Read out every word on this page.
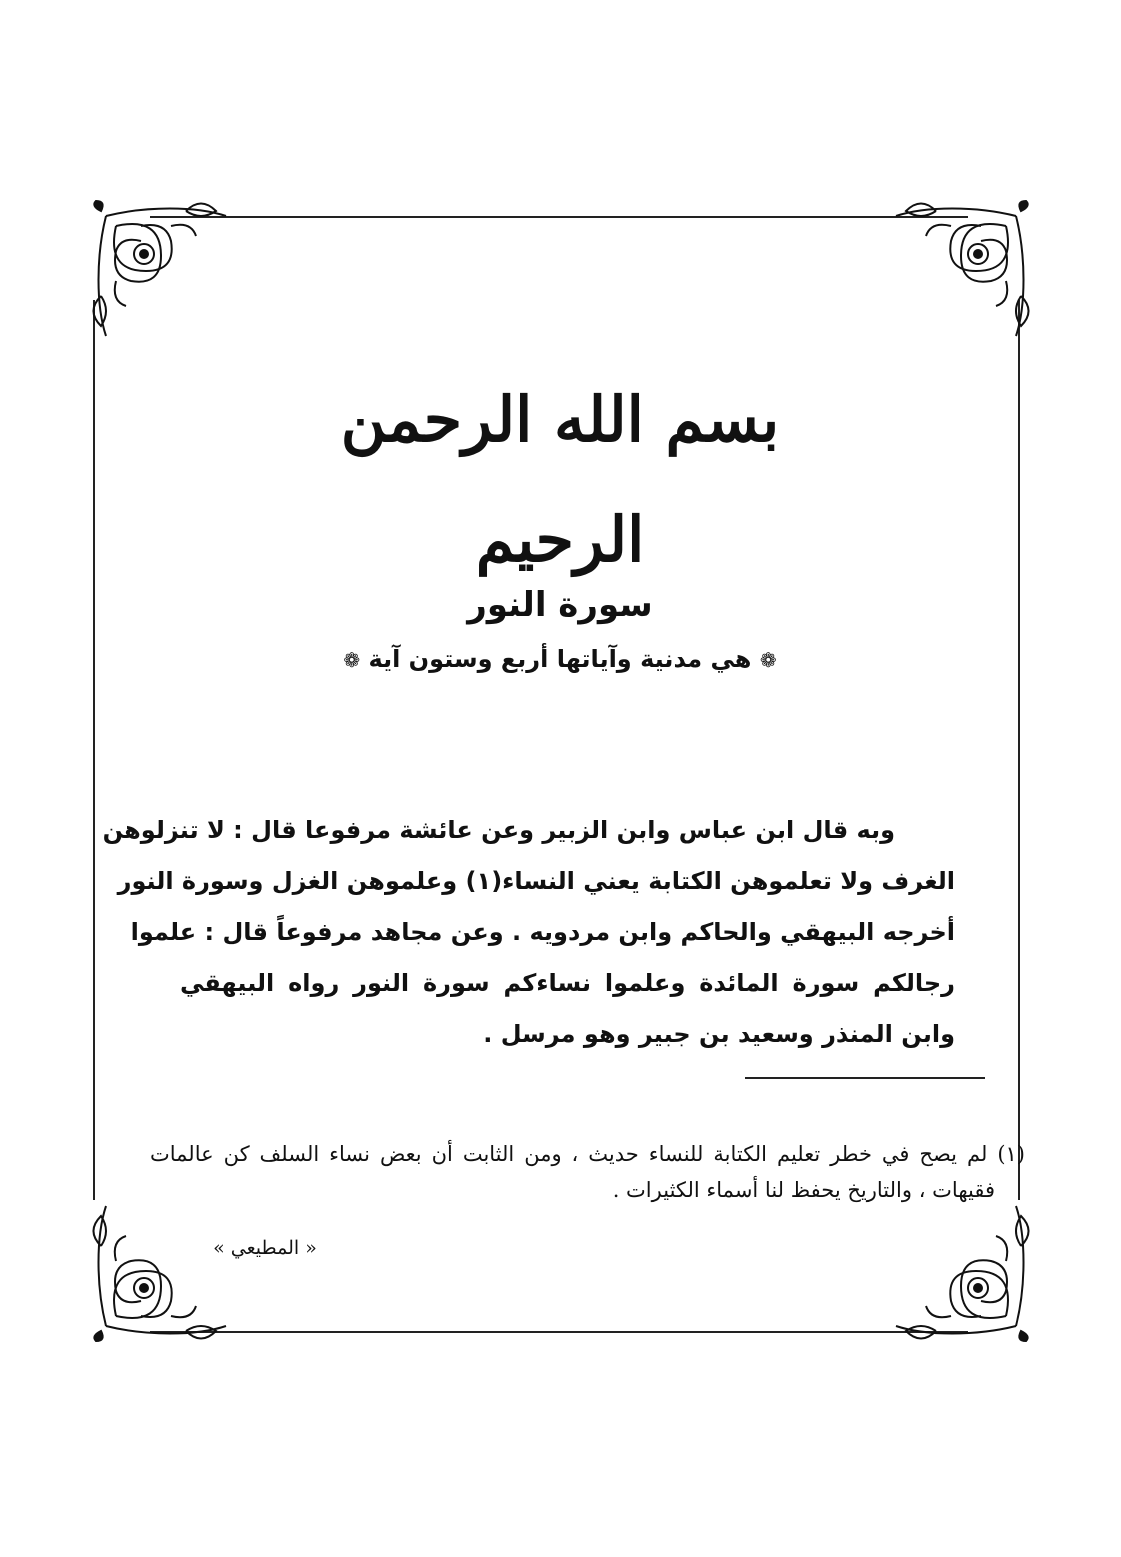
بسم الله الرحمن الرحيم
سورة النور
❁ هي مدنية وآياتها أربع وستون آية ❁
وبه قال ابن عباس وابن الزبير وعن عائشة مرفوعا قال : لا تنزلوهن
الغرف ولا تعلموهن الكتابة يعني النساء(١) وعلموهن الغزل وسورة النور
أخرجه البيهقي والحاكم وابن مردويه . وعن مجاهد مرفوعاً قال : علموا
رجالكم سورة المائدة وعلموا نساءكم سورة النور رواه البيهقي
وابن المنذر وسعيد بن جبير وهو مرسل .
(١) لم يصح في خطر تعليم الكتابة للنساء حديث ، ومن الثابت أن بعض نساء السلف كن عالمات
فقيهات ، والتاريخ يحفظ لنا أسماء الكثيرات .
« المطيعي »
